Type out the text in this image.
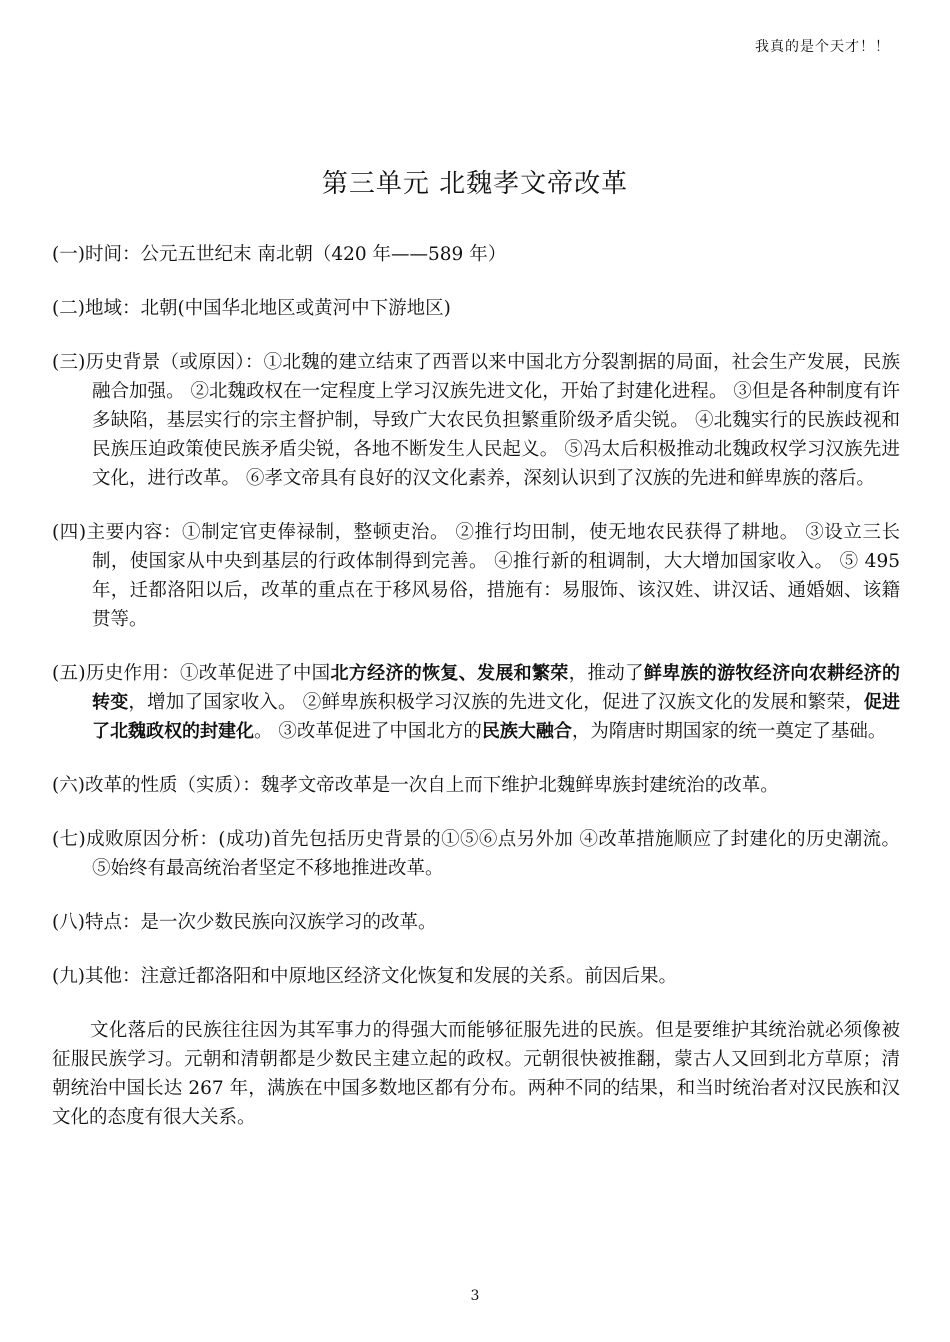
我真的是个天才！！
第三单元 北魏孝文帝改革

(一)时间：公元五世纪末 南北朝（420 年——589 年）

(二)地域：北朝(中国华北地区或黄河中下游地区)

(三)历史背景（或原因）：①北魏的建立结束了西晋以来中国北方分裂割据的局面，社会生产发展，民族融合加强。 ②北魏政权在一定程度上学习汉族先进文化，开始了封建化进程。 ③但是各种制度有许多缺陷，基层实行的宗主督护制，导致广大农民负担繁重阶级矛盾尖锐。 ④北魏实行的民族歧视和民族压迫政策使民族矛盾尖锐，各地不断发生人民起义。 ⑤冯太后积极推动北魏政权学习汉族先进文化，进行改革。 ⑥孝文帝具有良好的汉文化素养，深刻认识到了汉族的先进和鲜卑族的落后。

(四)主要内容：①制定官吏俸禄制，整顿吏治。 ②推行均田制，使无地农民获得了耕地。 ③设立三长制，使国家从中央到基层的行政体制得到完善。 ④推行新的租调制，大大增加国家收入。 ⑤ 495 年，迁都洛阳以后，改革的重点在于移风易俗，措施有：易服饰、该汉姓、讲汉话、通婚姻、该籍贯等。

(五)历史作用：①改革促进了中国北方经济的恢复、发展和繁荣，推动了鲜卑族的游牧经济向农耕经济的转变，增加了国家收入。 ②鲜卑族积极学习汉族的先进文化，促进了汉族文化的发展和繁荣，促进了北魏政权的封建化。 ③改革促进了中国北方的民族大融合，为隋唐时期国家的统一奠定了基础。

(六)改革的性质（实质）：魏孝文帝改革是一次自上而下维护北魏鲜卑族封建统治的改革。

(七)成败原因分析：(成功)首先包括历史背景的①⑤⑥点另外加 ④改革措施顺应了封建化的历史潮流。 ⑤始终有最高统治者坚定不移地推进改革。

(八)特点：是一次少数民族向汉族学习的改革。

(九)其他：注意迁都洛阳和中原地区经济文化恢复和发展的关系。前因后果。

文化落后的民族往往因为其军事力的得强大而能够征服先进的民族。但是要维护其统治就必须像被征服民族学习。元朝和清朝都是少数民主建立起的政权。元朝很快被推翻，蒙古人又回到北方草原；清朝统治中国长达 267 年，满族在中国多数地区都有分布。两种不同的结果，和当时统治者对汉民族和汉文化的态度有很大关系。

3
